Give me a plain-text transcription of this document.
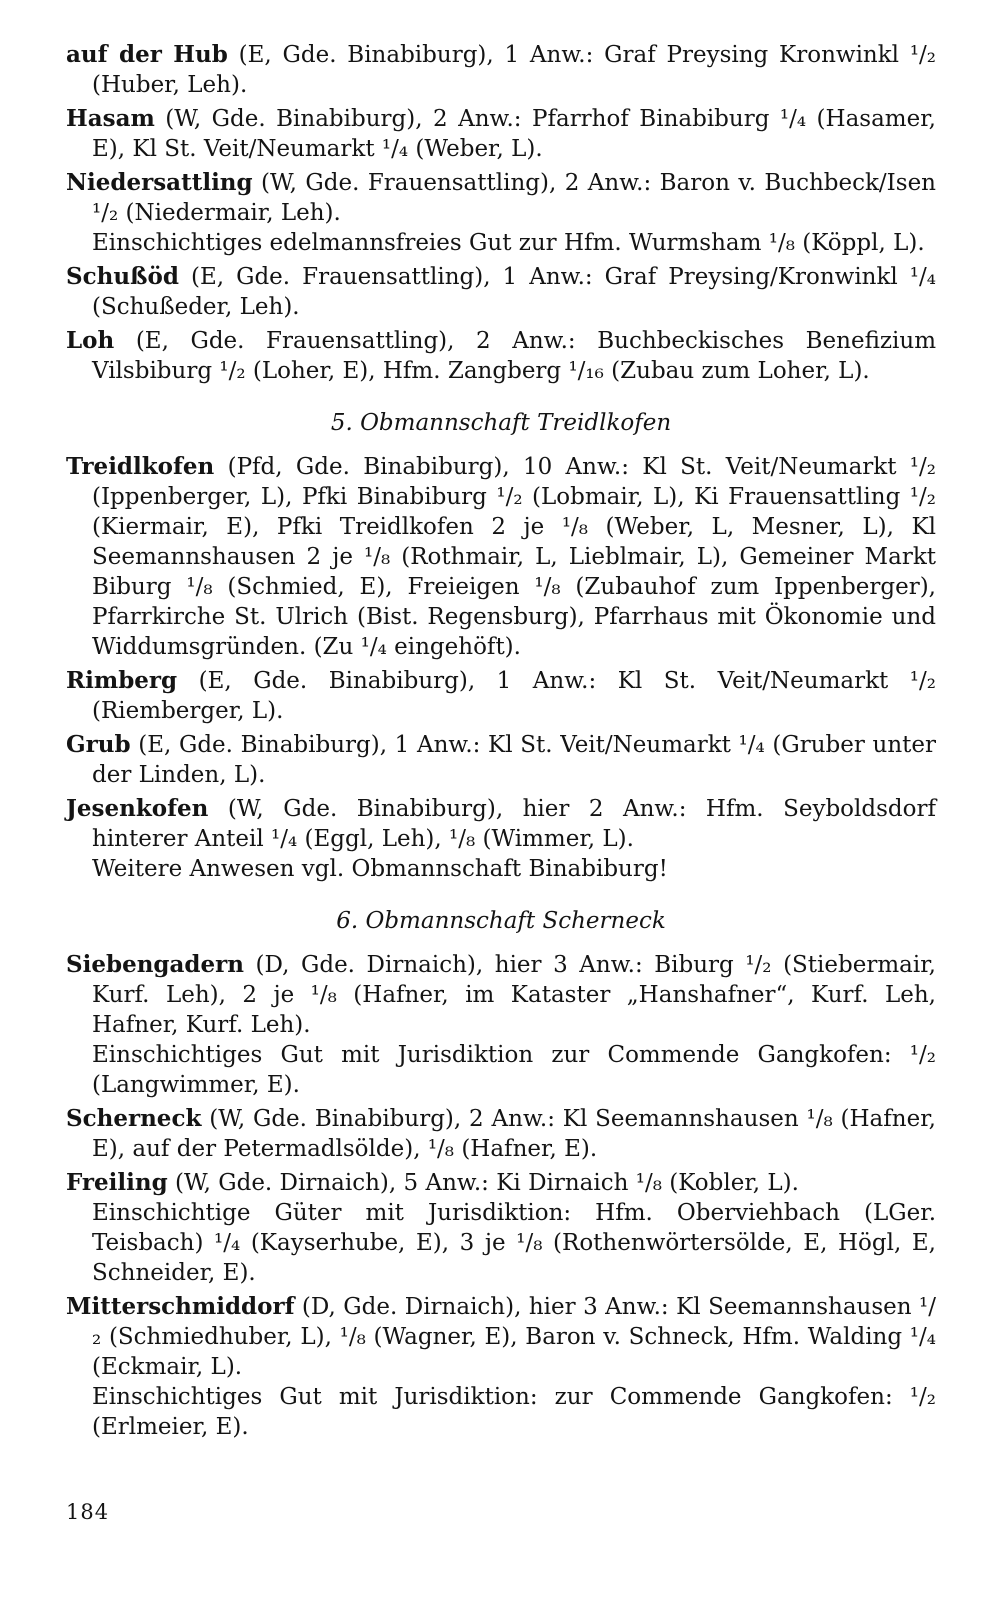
auf der Hub (E, Gde. Binabiburg), 1 Anw.: Graf Preysing Kronwinkl ¹/₂ (Huber, Leh).

Hasam (W, Gde. Binabiburg), 2 Anw.: Pfarrhof Binabiburg ¹/₄ (Hasamer, E), Kl St. Veit/Neumarkt ¹/₄ (Weber, L).

Niedersattling (W, Gde. Frauensattling), 2 Anw.: Baron v. Buchbeck/Isen ¹/₂ (Niedermair, Leh).

Einschichtiges edelmannsfreies Gut zur Hfm. Wurmsham ¹/₈ (Köppl, L).

Schußöd (E, Gde. Frauensattling), 1 Anw.: Graf Preysing/Kronwinkl ¹/₄ (Schußeder, Leh).

Loh (E, Gde. Frauensattling), 2 Anw.: Buchbeckisches Benefizium Vilsbiburg ¹/₂ (Loher, E), Hfm. Zangberg ¹/₁₆ (Zubau zum Loher, L).

5. Obmannschaft Treidlkofen

Treidlkofen (Pfd, Gde. Binabiburg), 10 Anw.: Kl St. Veit/Neumarkt ¹/₂ (Ippenberger, L), Pfki Binabiburg ¹/₂ (Lobmair, L), Ki Frauensattling ¹/₂ (Kiermair, E), Pfki Treidlkofen 2 je ¹/₈ (Weber, L, Mesner, L), Kl Seemannshausen 2 je ¹/₈ (Rothmair, L, Lieblmair, L), Gemeiner Markt Biburg ¹/₈ (Schmied, E), Freieigen ¹/₈ (Zubauhof zum Ippenberger), Pfarrkirche St. Ulrich (Bist. Regensburg), Pfarrhaus mit Ökonomie und Widdumsgründen. (Zu ¹/₄ eingehöft).

Rimberg (E, Gde. Binabiburg), 1 Anw.: Kl St. Veit/Neumarkt ¹/₂ (Riemberger, L).

Grub (E, Gde. Binabiburg), 1 Anw.: Kl St. Veit/Neumarkt ¹/₄ (Gruber unter der Linden, L).

Jesenkofen (W, Gde. Binabiburg), hier 2 Anw.: Hfm. Seyboldsdorf hinterer Anteil ¹/₄ (Eggl, Leh), ¹/₈ (Wimmer, L).

Weitere Anwesen vgl. Obmannschaft Binabiburg!

6. Obmannschaft Scherneck

Siebengadern (D, Gde. Dirnaich), hier 3 Anw.: Biburg ¹/₂ (Stiebermair, Kurf. Leh), 2 je ¹/₈ (Hafner, im Kataster „Hanshafner“, Kurf. Leh, Hafner, Kurf. Leh).

Einschichtiges Gut mit Jurisdiktion zur Commende Gangkofen: ¹/₂ (Langwimmer, E).

Scherneck (W, Gde. Binabiburg), 2 Anw.: Kl Seemannshausen ¹/₈ (Hafner, E), auf der Petermadlsölde), ¹/₈ (Hafner, E).

Freiling (W, Gde. Dirnaich), 5 Anw.: Ki Dirnaich ¹/₈ (Kobler, L).

Einschichtige Güter mit Jurisdiktion: Hfm. Oberviehbach (LGer. Teisbach) ¹/₄ (Kayserhube, E), 3 je ¹/₈ (Rothenwörtersölde, E, Högl, E, Schneider, E).

Mitterschmiddorf (D, Gde. Dirnaich), hier 3 Anw.: Kl Seemannshausen ¹/₂ (Schmiedhuber, L), ¹/₈ (Wagner, E), Baron v. Schneck, Hfm. Walding ¹/₄ (Eckmair, L).

Einschichtiges Gut mit Jurisdiktion: zur Commende Gangkofen: ¹/₂ (Erlmeier, E).

184
